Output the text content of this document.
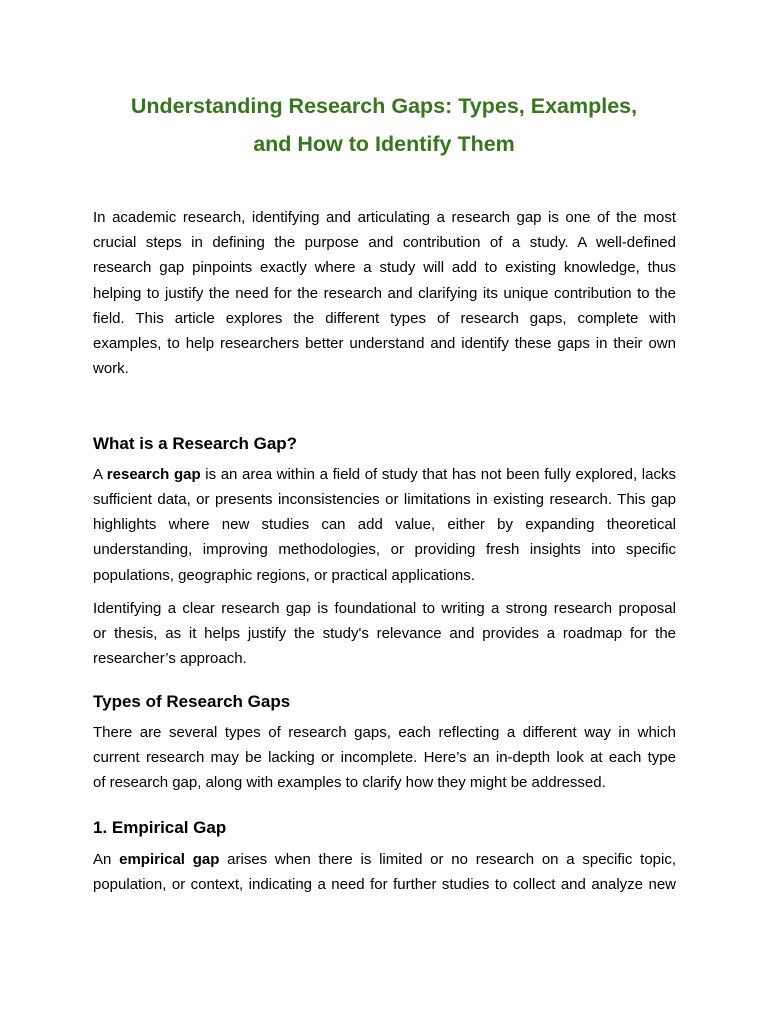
Understanding Research Gaps: Types, Examples,
and How to Identify Them
In academic research, identifying and articulating a research gap is one of the most
crucial steps in defining the purpose and contribution of a study. A well-defined
research gap pinpoints exactly where a study will add to existing knowledge, thus
helping to justify the need for the research and clarifying its unique contribution to the
field. This article explores the different types of research gaps, complete with
examples, to help researchers better understand and identify these gaps in their own
work.
What is a Research Gap?
A research gap is an area within a field of study that has not been fully explored, lacks
sufficient data, or presents inconsistencies or limitations in existing research. This gap
highlights where new studies can add value, either by expanding theoretical
understanding, improving methodologies, or providing fresh insights into specific
populations, geographic regions, or practical applications.
Identifying a clear research gap is foundational to writing a strong research proposal
or thesis, as it helps justify the study's relevance and provides a roadmap for the
researcher’s approach.
Types of Research Gaps
There are several types of research gaps, each reflecting a different way in which
current research may be lacking or incomplete. Here’s an in-depth look at each type
of research gap, along with examples to clarify how they might be addressed.
1. Empirical Gap
An empirical gap arises when there is limited or no research on a specific topic,
population, or context, indicating a need for further studies to collect and analyze new
